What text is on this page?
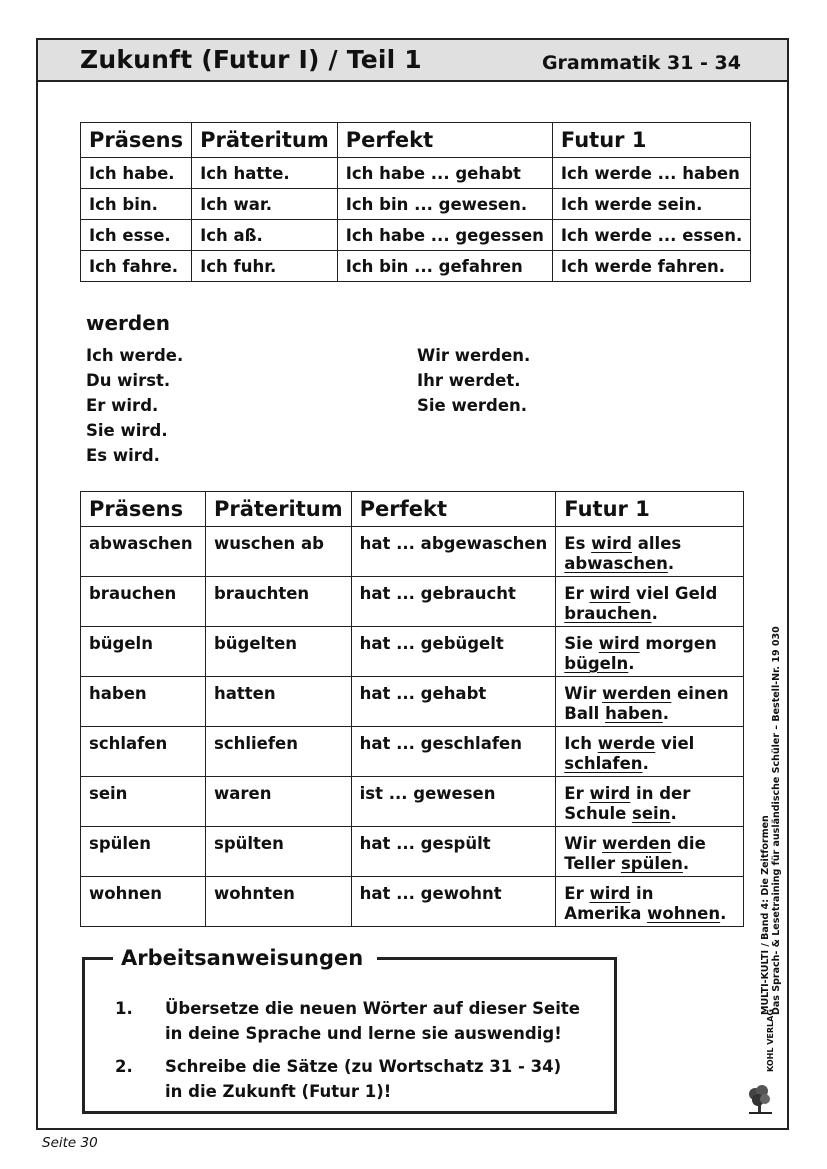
Zukunft (Futur I) / Teil 1	Grammatik 31 - 34
Präsens	Präteritum	Perfekt	Futur 1
Ich habe.	Ich hatte.	Ich habe ... gehabt	Ich werde ... haben
Ich bin.	Ich war.	Ich bin ... gewesen.	Ich werde sein.
Ich esse.	Ich aß.	Ich habe ... gegessen	Ich werde ... essen.
Ich fahre.	Ich fuhr.	Ich bin ... gefahren	Ich werde fahren.
werden
Ich werde.
Du wirst.
Er wird.
Sie wird.
Es wird.
Wir werden.
Ihr werdet.
Sie werden.
Präsens	Präteritum	Perfekt	Futur 1
abwaschen	wuschen ab	hat ... abgewaschen	Es wird alles abwaschen.
brauchen	brauchten	hat ... gebraucht	Er wird viel Geld brauchen.
bügeln	bügelten	hat ... gebügelt	Sie wird morgen bügeln.
haben	hatten	hat ... gehabt	Wir werden einen Ball haben.
schlafen	schliefen	hat ... geschlafen	Ich werde viel schlafen.
sein	waren	ist ... gewesen	Er wird in der Schule sein.
spülen	spülten	hat ... gespült	Wir werden die Teller spülen.
wohnen	wohnten	hat ... gewohnt	Er wird in Amerika wohnen.
Arbeitsanweisungen
1. Übersetze die neuen Wörter auf dieser Seite
in deine Sprache und lerne sie auswendig!
2. Schreibe die Sätze (zu Wortschatz 31 - 34)
in die Zukunft (Futur 1)!
MULTI-KULTI / Band 4: Die Zeitformen Das Sprach- & Lesetraining für ausländische Schüler – Bestell-Nr. 19 030
KOHL VERLAG
Seite 30
